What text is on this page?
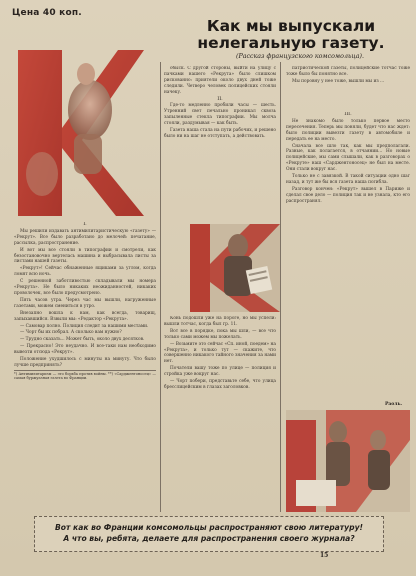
Цена 40 коп.
Как мы выпускали нелегальную газету.
(Рассказ французского комсомольца).

I.

Мы решили издавать антимилитаристическую «газету» — «Рекрут». Все было разработано до мелочей: печатание, рассылка, распространение.

И вот мы все стояли в типографии и смотрели, как безостановочно вертелась машина и выбрасывала листы за листами нашей газеты.

«Рекрут»! Сейчас обнаженные ящиками за углом, когда ломят всю ночь.

С решенной заботливостью складывали мы номера «Рекрута». Не было никаких неожиданностей, никаких проволочек, все было предусмотрено.

Пять часов утра. Через час мы вышли, нагруженные газетами, можем смениться в утро.

Внезапно вошла к нам, как всегда, товарищ, запыхавшийся. Взвыли мы: «Редактор «Рекрута».

— Самовар полно. Полиция следит за нашими местами.

— Чорт бы их побрал. А сколько вам нужно?

— Трудно сказать... Может быть, около двух десятков.

— Прекрасно! Это неудачно. И все-таки нам необходимо вывезти отсюда «Рекрут».

Положение ухудшилось с минуты на минуту. Что было лучше предпринять?

*) Антимилитаризм — это борьба против войны. **) «Сарджентоносец» — самая буржуазная газета во Франции.

обыск. С другой стороны, выйти на улицу с пачками нашего «Рекрута» было слишком рискованно: приятели около двух дней тоже следили. Четверо человек полицейских стояли начеку.

II.

Где-то медленно пробили часы — шесть. Утренний свет печально проникал сквозь запыленные стекла типографии. Мы молча стояли, раздумывая — как быть.

Газета наша стала на пути рабочих, и решено было ни на шаг не отступать, а действовать.

Конь подошли уже на пороге, но мы успели: вышли тотчас, когда был гр. 11.

Вот все в порядке, пока мы шли, — все что только сами можем мы пожелать.

— Возьмите это сейчас «Сп. иной, поедем» на «Рекрута», и только тут — скажите, что совершенно никакого тайного значения за нами нет.

Початели вашу тоже по улице — полиция и стройка уже вокруг нас.

— Чорт побери, представьте себе, что улица бресслицейским в глазах заголовков.

патриотической газеты, полицейские тотчас тоже тоже было бы понятно все.

Мы поровну у нее тоже, вышли мы из ...

III.

Не знакомо было только первое место пересечения. Теперь мы поняли, будет что нас ждет: было полиции вывезти газету в автомобиле и передать ее на место.

Сначала все шло так, как мы предполагали. Разные, как полагается, в отчаянии... Но новые полицейские, мы сами слышали, как в разговорах о «Рекруте» наш «Сарджентоносец» не был на месте. Они стали вокруг нас.

Только не с завязкой. В такой ситуации одно шаг назад, и тут же бы вся газета наша погибла.

Разговор кончен: «Рекрут» вышел в Париже и сделал свое дело — полиция так и не узнала, кто его распространял.

Раоль.
Вот как во Франции комсомольцы распространяют свою литературу!
А что вы, ребята, делаете для распространения своего журнала?
15
